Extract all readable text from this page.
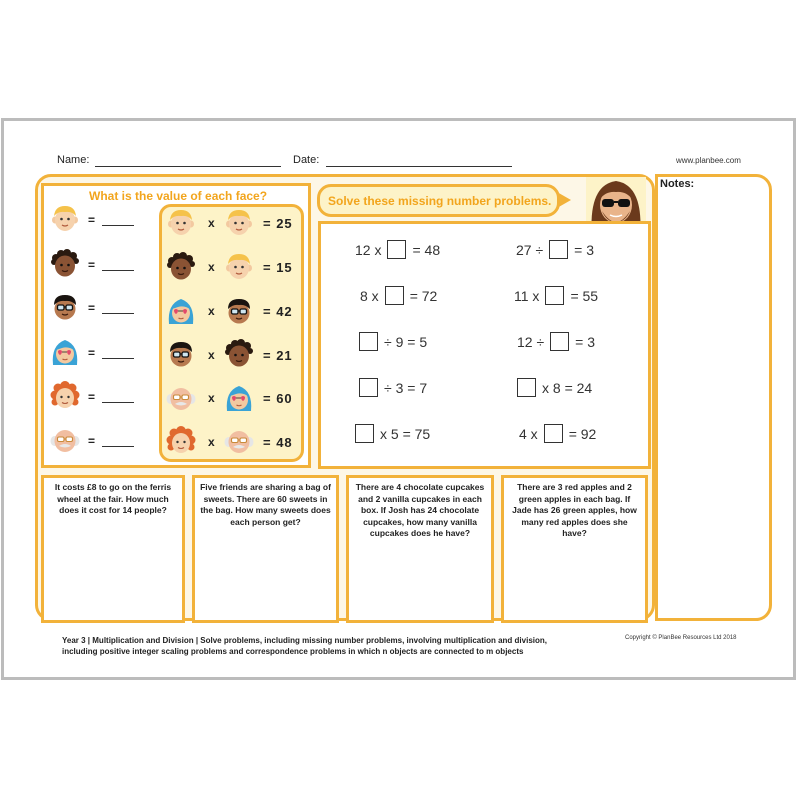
Name:	Date:	www.planbee.com
Notes:
What is the value of each face?
=
=
=
=
=
=
x	= 25
x	= 15
x	= 42
x	= 21
x	= 60
x	= 48
Solve these missing number problems.
12 x = 48	27 ÷ = 3
8 x = 72	11 x = 55
÷ 9 = 5	12 ÷ = 3
÷ 3 = 7	x 8 = 24
x 5 = 75	4 x = 92
It costs £8 to go on the ferris wheel at the fair. How much does it cost for 14 people?
Five friends are sharing a bag of sweets. There are 60 sweets in the bag. How many sweets does each person get?
There are 4 chocolate cupcakes and 2 vanilla cupcakes in each box. If Josh has 24 chocolate cupcakes, how many vanilla cupcakes does he have?
There are 3 red apples and 2 green apples in each bag. If Jade has 26 green apples, how many red apples does she have?
Year 3 | Multiplication and Division | Solve problems, including missing number problems, involving multiplication and division,
including positive integer scaling problems and correspondence problems in which n objects are connected to m objects
Copyright © PlanBee Resources Ltd 2018
